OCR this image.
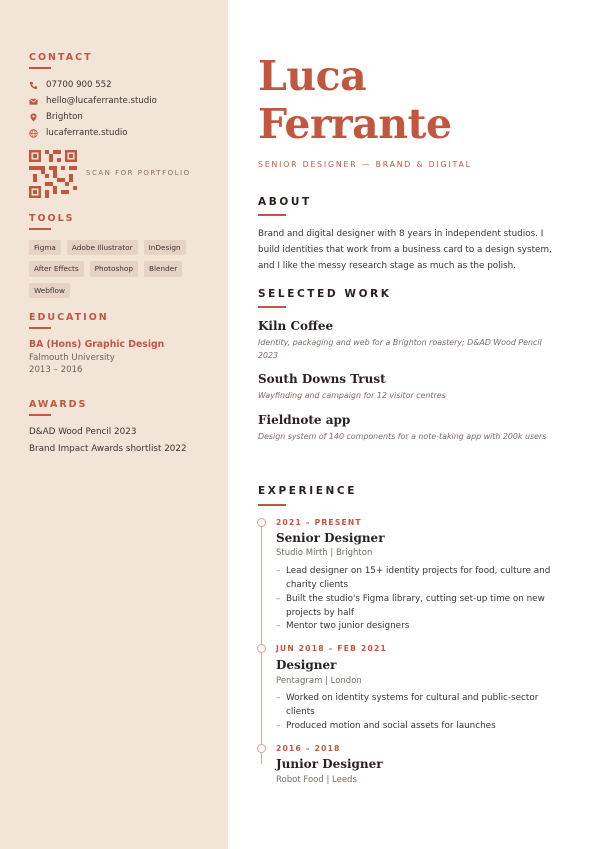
CONTACT
07700 900 552
hello@lucaferrante.studio
Brighton
lucaferrante.studio
SCAN FOR PORTFOLIO
TOOLS
Figma	Adobe Illustrator	InDesign
After Effects	Photoshop	Blender
Webflow
EDUCATION
BA (Hons) Graphic Design
Falmouth University
2013 – 2016
AWARDS
D&AD Wood Pencil 2023
Brand Impact Awards shortlist 2022
Luca
Ferrante
SENIOR DESIGNER — BRAND & DIGITAL
ABOUT
Brand and digital designer with 8 years in independent studios. I build identities that work from a business card to a design system, and I like the messy research stage as much as the polish.
SELECTED WORK
Kiln Coffee
Identity, packaging and web for a Brighton roastery; D&AD Wood Pencil 2023
South Downs Trust
Wayfinding and campaign for 12 visitor centres
Fieldnote app
Design system of 140 components for a note-taking app with 200k users
EXPERIENCE
2021 – PRESENT
Senior Designer
Studio Mirth | Brighton
– Lead designer on 15+ identity projects for food, culture and charity clients
– Built the studio's Figma library, cutting set-up time on new projects by half
– Mentor two junior designers
JUN 2018 – FEB 2021
Designer
Pentagram | London
– Worked on identity systems for cultural and public-sector clients
– Produced motion and social assets for launches
2016 – 2018
Junior Designer
Robot Food | Leeds
